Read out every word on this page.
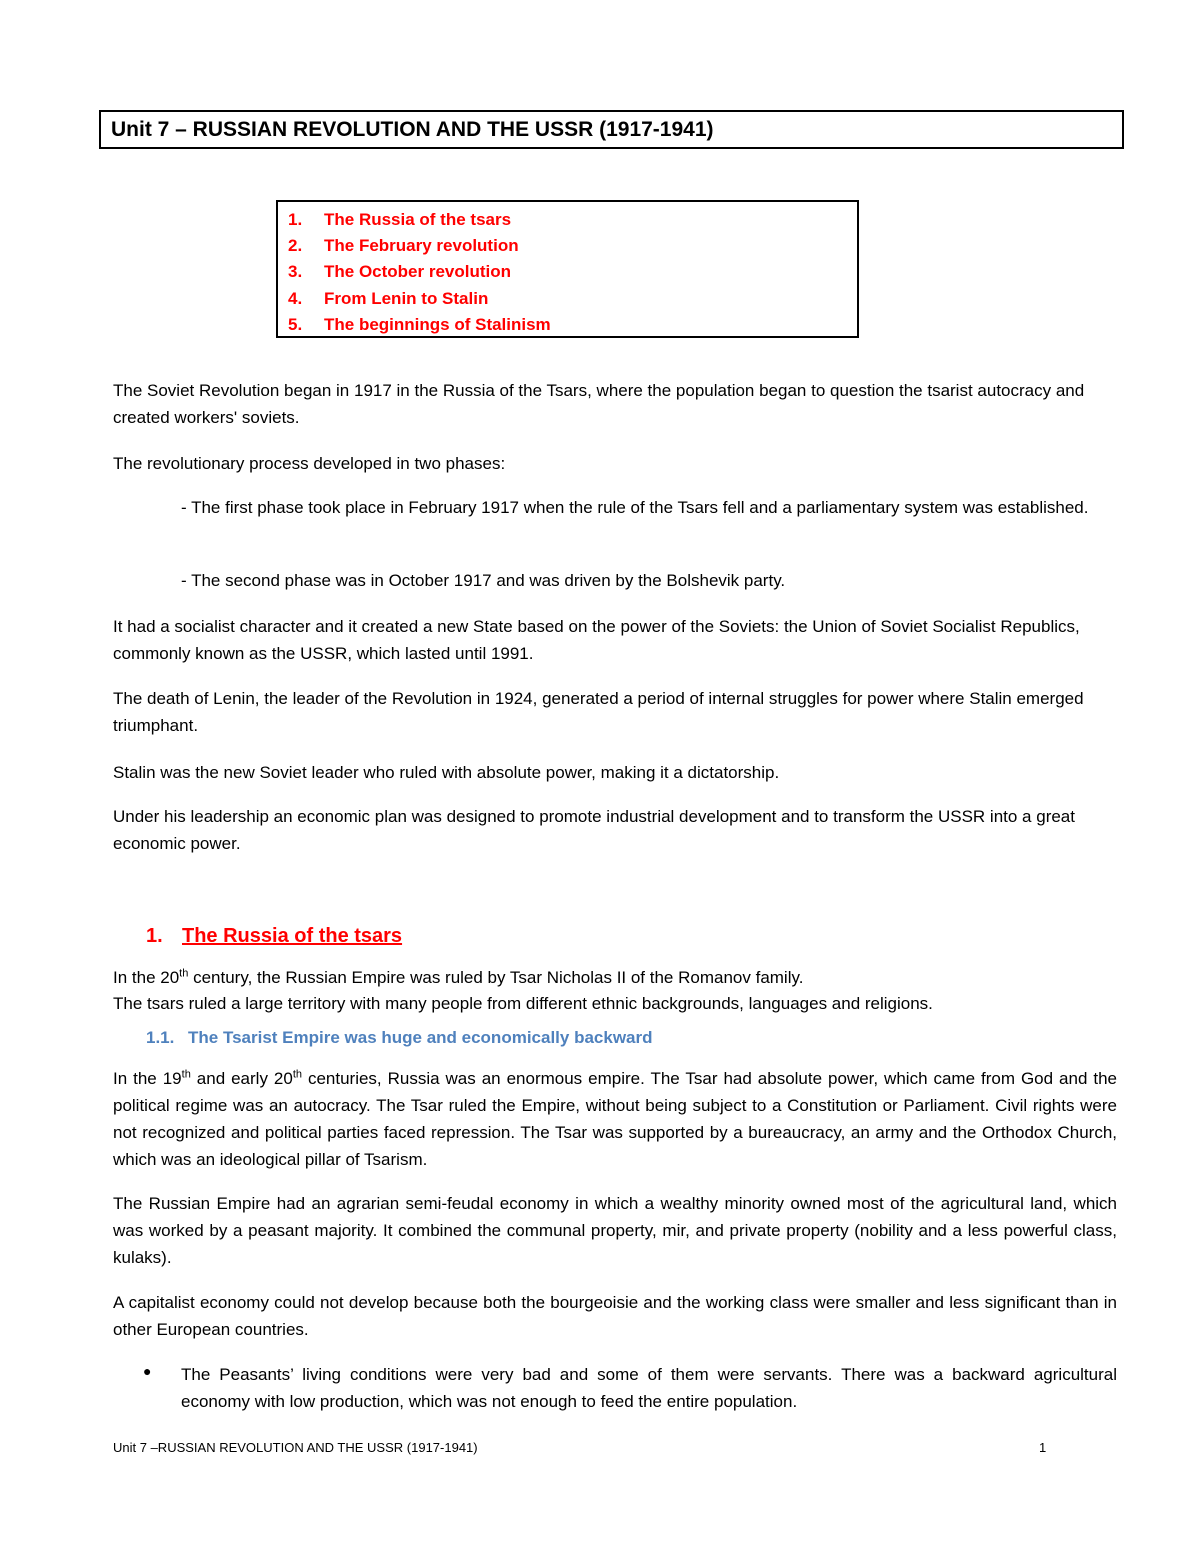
Unit 7 – RUSSIAN REVOLUTION AND THE USSR (1917-1941)
1.	The Russia of the tsars
2.	The February revolution
3.	The October revolution
4.	From Lenin to Stalin
5.	The beginnings of Stalinism

The Soviet Revolution began in 1917 in the Russia of the Tsars, where the population began to question the tsarist autocracy and created workers' soviets.

The revolutionary process developed in two phases:

- The first phase took place in February 1917 when the rule of the Tsars fell and a parliamentary system was established.

- The second phase was in October 1917 and was driven by the Bolshevik party.

It had a socialist character and it created a new State based on the power of the Soviets: the Union of Soviet Socialist Republics, commonly known as the USSR, which lasted until 1991.

The death of Lenin, the leader of the Revolution in 1924, generated a period of internal struggles for power where Stalin emerged triumphant.

Stalin was the new Soviet leader who ruled with absolute power, making it a dictatorship.

Under his leadership an economic plan was designed to promote industrial development and to transform the USSR into a great economic power.

1. The Russia of the tsars

In the 20th century, the Russian Empire was ruled by Tsar Nicholas II of the Romanov family.

The tsars ruled a large territory with many people from different ethnic backgrounds, languages and religions.

1.1. The Tsarist Empire was huge and economically backward

In the 19th and early 20th centuries, Russia was an enormous empire. The Tsar had absolute power, which came from God and the political regime was an autocracy. The Tsar ruled the Empire, without being subject to a Constitution or Parliament. Civil rights were not recognized and political parties faced repression. The Tsar was supported by a bureaucracy, an army and the Orthodox Church, which was an ideological pillar of Tsarism.

The Russian Empire had an agrarian semi-feudal economy in which a wealthy minority owned most of the agricultural land, which was worked by a peasant majority. It combined the communal property, mir, and private property (nobility and a less powerful class, kulaks).

A capitalist economy could not develop because both the bourgeoisie and the working class were smaller and less significant than in other European countries.

● The Peasants’ living conditions were very bad and some of them were servants. There was a backward agricultural economy with low production, which was not enough to feed the entire population.

Unit 7 –RUSSIAN REVOLUTION AND THE USSR (1917-1941)	1
